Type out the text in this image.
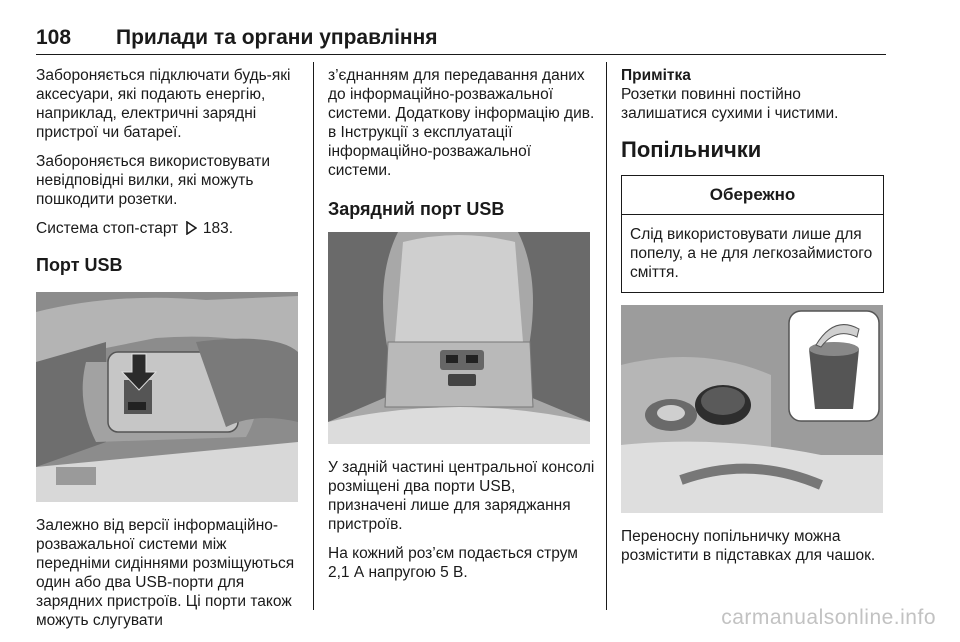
108 Прилади та органи управління

Забороняється підключати будь-які аксесуари, які подають енергію, наприклад, електричні зарядні пристрої чи батареї.

Забороняється використовувати невідповідні вилки, які можуть пошкодити розетки.

Система стоп-старт 183.

Порт USB

Залежно від версії інформаційно-розважальної системи між передніми сидіннями розміщуються один або два USB-порти для зарядних пристроїв. Ці порти також можуть слугувати

з’єднанням для передавання даних до інформаційно-розважальної системи. Додаткову інформацію див. в Інструкції з експлуатації інформаційно-розважальної системи.

Зарядний порт USB

У задній частині центральної консолі розміщені два порти USB, призначені лише для заряджання пристроїв.

На кожний роз’єм подається струм 2,1 А напругою 5 В.

Примітка
Розетки повинні постійно залишатися сухими і чистими.
Попільнички
Обережно
Слід використовувати лише для попелу, а не для легкозаймистого сміття.

Переносну попільничку можна розмістити в підставках для чашок.

carmanualsonline.info
